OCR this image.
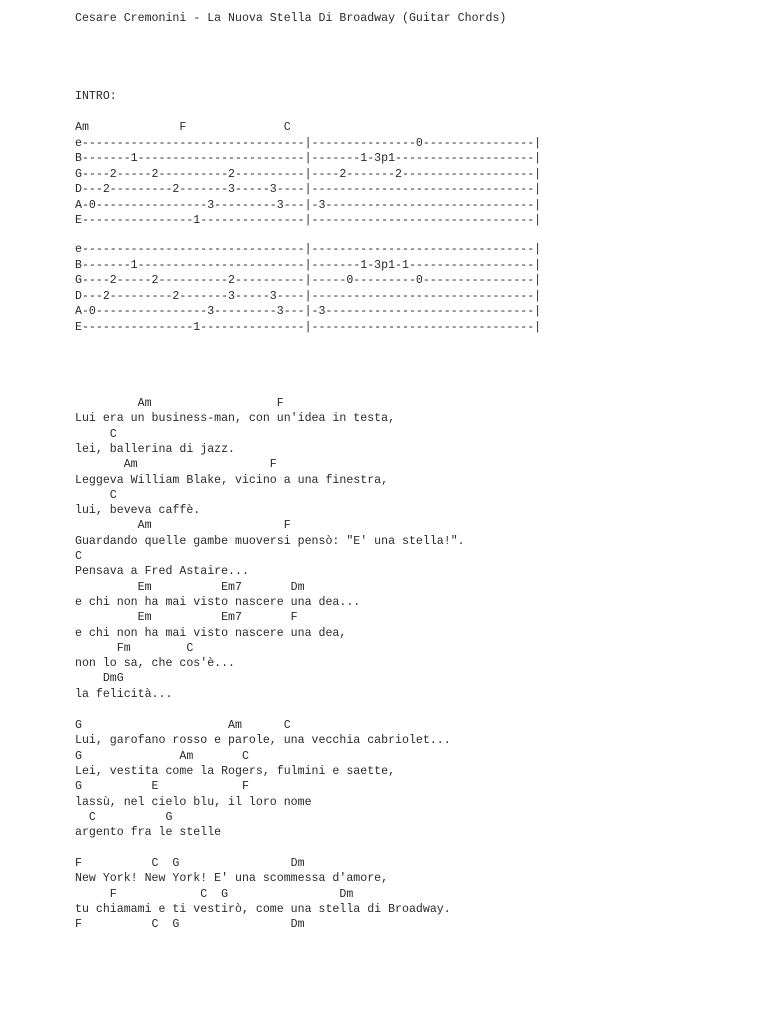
Cesare Cremonini - La Nuova Stella Di Broadway (Guitar Chords)
INTRO:
Am             F              C
e--------------------------------|---------------0----------------|
B-------1------------------------|-------1-3p1--------------------|
G----2-----2----------2----------|----2-------2-------------------|
D---2---------2-------3-----3----|--------------------------------|
A-0----------------3---------3---|-3------------------------------|
E----------------1---------------|--------------------------------|
e--------------------------------|--------------------------------|
B-------1------------------------|-------1-3p1-1------------------|
G----2-----2----------2----------|-----0---------0----------------|
D---2---------2-------3-----3----|--------------------------------|
A-0----------------3---------3---|-3------------------------------|
E----------------1---------------|--------------------------------|
Am                  F
Lui era un business-man, con un'idea in testa,
C
lei, ballerina di jazz.
Am                   F
Leggeva William Blake, vicino a una finestra,
C
lui, beveva caffè.
Am                   F
Guardando quelle gambe muoversi pensò: "E' una stella!".
C
Pensava a Fred Astaire...
Em          Em7       Dm
e chi non ha mai visto nascere una dea...
Em          Em7       F
e chi non ha mai visto nascere una dea,
Fm        C
non lo sa, che cos'è...
DmG
la felicità...
G                     Am      C
Lui, garofano rosso e parole, una vecchia cabriolet...
G              Am       C
Lei, vestita come la Rogers, fulmini e saette,
G          E            F
lassù, nel cielo blu, il loro nome
C          G
argento fra le stelle
F          C  G                Dm
New York! New York! E' una scommessa d'amore,
F            C  G                Dm
tu chiamami e ti vestirò, come una stella di Broadway.
F          C  G                Dm
